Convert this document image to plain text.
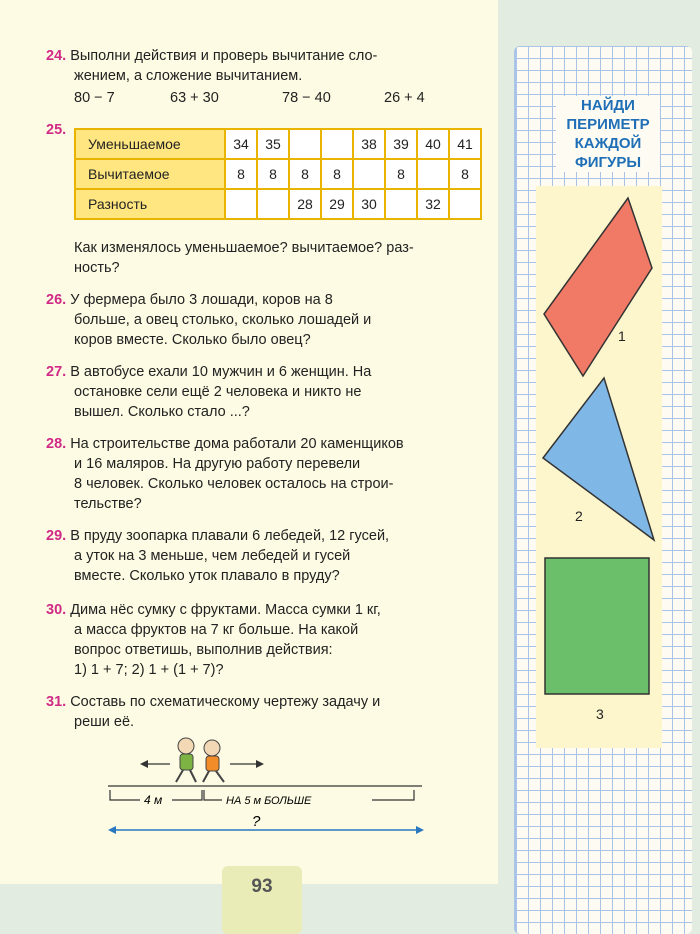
93
НАЙДИ
ПЕРИМЕТР
КАЖДОЙ
ФИГУРЫ
1
2
3
24. Выполни действия и проверь вычитание сло-
жением, а сложение вычитанием.
80 − 7	63 + 30	78 − 40	26 + 4
25.
Уменьшаемое	34	35			38	39	40	41
Вычитаемое	8	8	8	8		8		8
Разность			28	29	30		32	
Как изменялось уменьшаемое? вычитаемое? раз-
ность?
26. У фермера было 3 лошади, коров на 8
больше, а овец столько, сколько лошадей и
коров вместе. Сколько было овец?
27. В автобусе ехали 10 мужчин и 6 женщин. На
остановке сели ещё 2 человека и никто не
вышел. Сколько стало ...?
28. На строительстве дома работали 20 каменщиков
и 16 маляров. На другую работу перевели
8 человек. Сколько человек осталось на строи-
тельстве?
29. В пруду зоопарка плавали 6 лебедей, 12 гусей,
а уток на 3 меньше, чем лебедей и гусей
вместе. Сколько уток плавало в пруду?
30. Дима нёс сумку с фруктами. Масса сумки 1 кг,
а масса фруктов на 7 кг больше. На какой
вопрос ответишь, выполнив действия:
1) 1 + 7; 2) 1 + (1 + 7)?
31. Составь по схематическому чертежу задачу и
реши её.
4 м	НА 5 м БОЛЬШЕ
?
